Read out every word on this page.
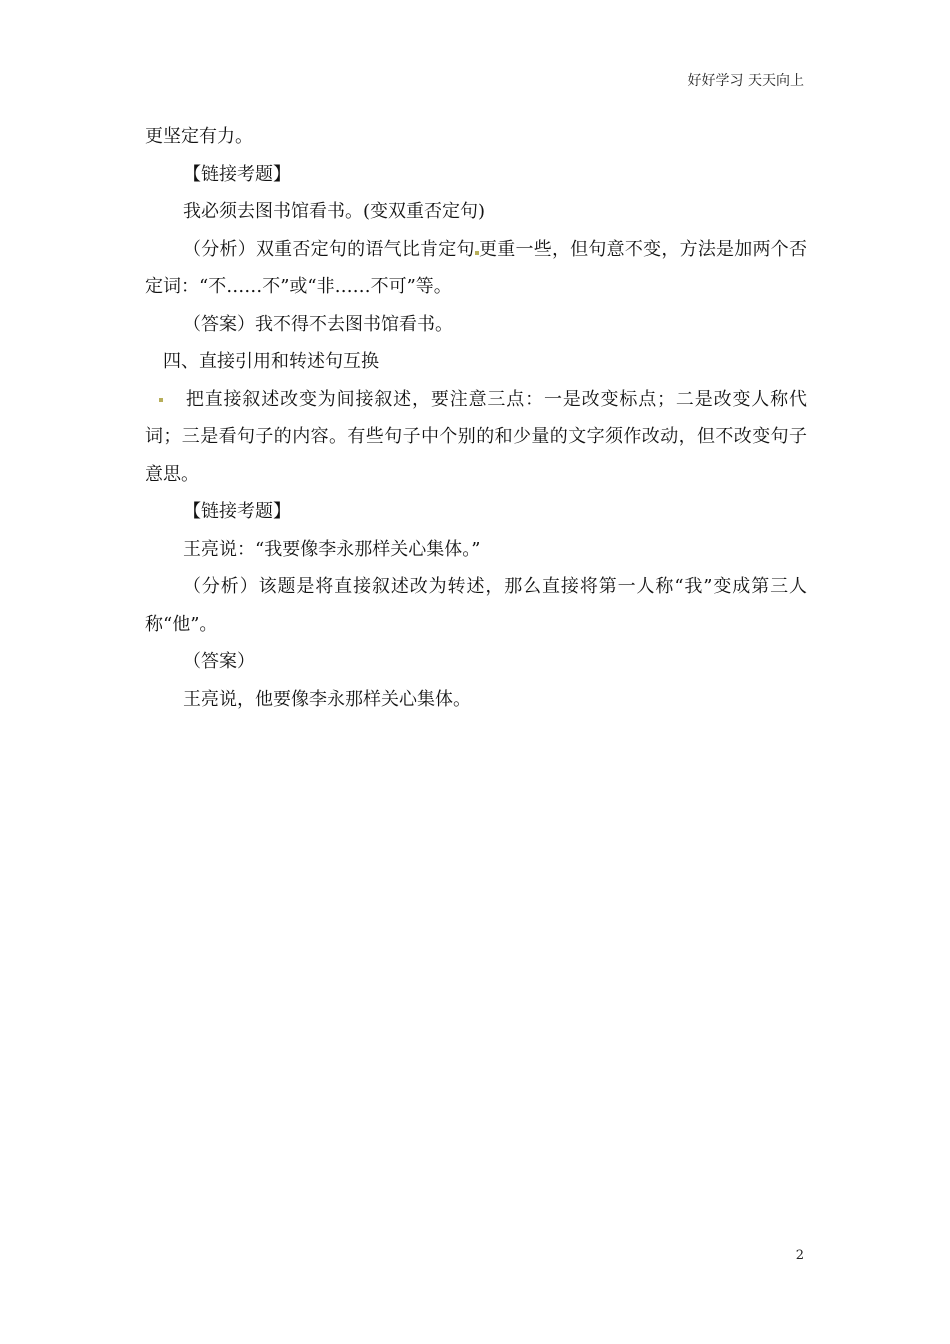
好好学习 天天向上

更坚定有力。

【链接考题】

我必须去图书馆看书。(变双重否定句)

（分析）双重否定句的语气比肯定句 更重一些，但句意不变，方法是加两个否定词：“不……不”或“非……不可”等。

（答案）我不得不去图书馆看书。

四、直接引用和转述句互换

把直接叙述改变为间接叙述，要注意三点：一是改变标点；二是改变人称代词；三是看句子的内容。有些句子中个别的和少量的文字须作改动，但不改变句子意思。

【链接考题】

王亮说：“我要像李永那样关心集体。”

（分析）该题是将直接叙述改为转述，那么直接将第一人称“我”变成第三人称“他”。

（答案）

王亮说，他要像李永那样关心集体。

2
